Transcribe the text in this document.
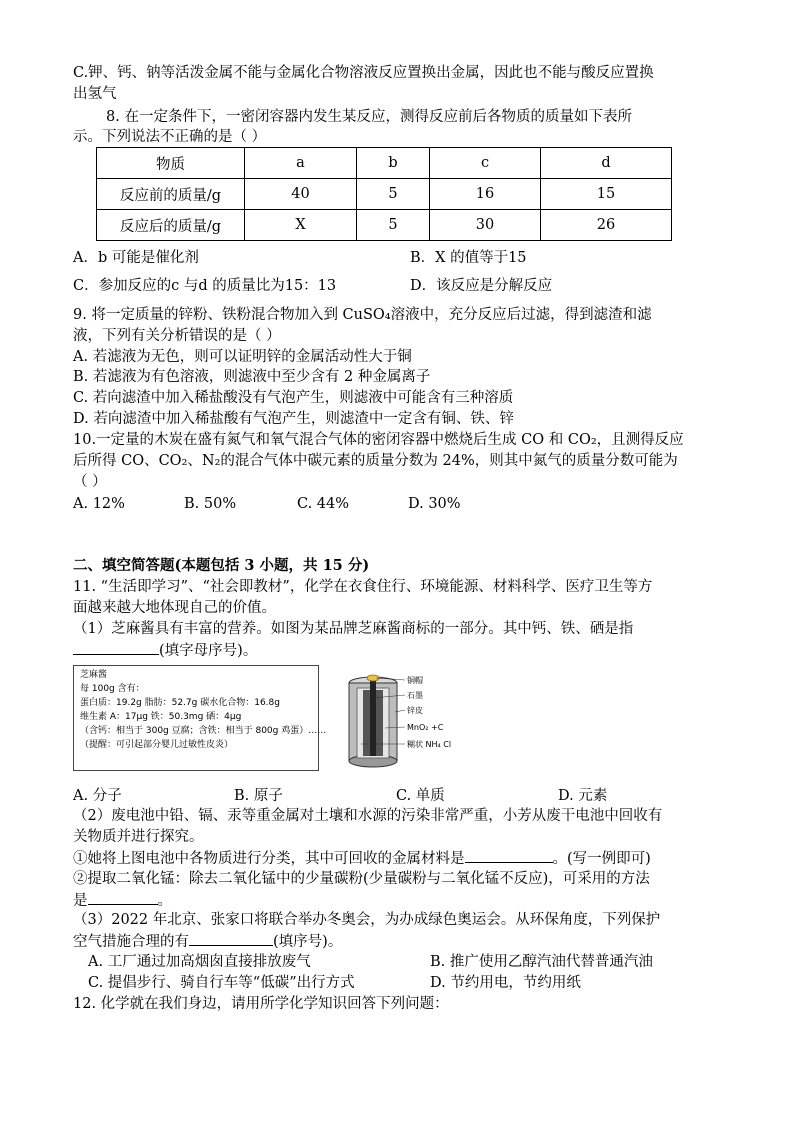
C.钾、钙、钠等活泼金属不能与金属化合物溶液反应置换出金属，因此也不能与酸反应置换
出氢气
8. 在一定条件下，一密闭容器内发生某反应，测得反应前后各物质的质量如下表所
示。下列说法不正确的是（ ）
物质	a	b	c	d
反应前的质量/g	40	5	16	15
反应后的质量/g	X	5	30	26
A．b 可能是催化剂	B．X 的值等于15
C．参加反应的c 与d 的质量比为15：13	D．该反应是分解反应
9. 将一定质量的锌粉、铁粉混合物加入到 CuSO₄溶液中，充分反应后过滤，得到滤渣和滤
液，下列有关分析错误的是（ ）
A. 若滤液为无色，则可以证明锌的金属活动性大于铜
B. 若滤液为有色溶液，则滤液中至少含有 2 种金属离子
C. 若向滤渣中加入稀盐酸没有气泡产生，则滤液中可能含有三种溶质
D. 若向滤渣中加入稀盐酸有气泡产生，则滤渣中一定含有铜、铁、锌
10.一定量的木炭在盛有氮气和氧气混合气体的密闭容器中燃烧后生成 CO 和 CO₂，且测得反应
后所得 CO、CO₂、N₂的混合气体中碳元素的质量分数为 24%，则其中氮气的质量分数可能为
（ ）
A. 12%	B. 50%	C. 44%	D. 30%
二、填空简答题(本题包括 3 小题，共 15 分)
11. “生活即学习”、“社会即教材”，化学在衣食住行、环境能源、材料科学、医疗卫生等方
面越来越大地体现自己的价值。
（1）芝麻酱具有丰富的营养。如图为某品牌芝麻酱商标的一部分。其中钙、铁、硒是指
(填字母序号)。
芝麻酱
每 100g 含有：
蛋白质：19.2g 脂肪：52.7g 碳水化合物：16.8g
维生素 A：17μg 铁：50.3mg 硒：4μg
（含钙：相当于 300g 豆腐；含铁：相当于 800g 鸡蛋）……
（提醒：可引起部分婴儿过敏性皮炎）
铜帽
石墨
锌皮
MnO₂ +C
糊状 NH₄ Cl
A. 分子	B. 原子	C. 单质	D. 元素
（2）废电池中铅、镉、汞等重金属对土壤和水源的污染非常严重，小芳从废干电池中回收有
关物质并进行探究。
①她将上图电池中各物质进行分类，其中可回收的金属材料是	。(写一例即可)
②提取二氧化锰：除去二氧化锰中的少量碳粉(少量碳粉与二氧化锰不反应)，可采用的方法
是	。
（3）2022 年北京、张家口将联合举办冬奥会，为办成绿色奥运会。从环保角度，下列保护
空气措施合理的有	(填序号)。
A. 工厂通过加高烟囱直接排放废气	B. 推广使用乙醇汽油代替普通汽油
C. 提倡步行、骑自行车等“低碳”出行方式	D. 节约用电，节约用纸
12. 化学就在我们身边，请用所学化学知识回答下列问题：
